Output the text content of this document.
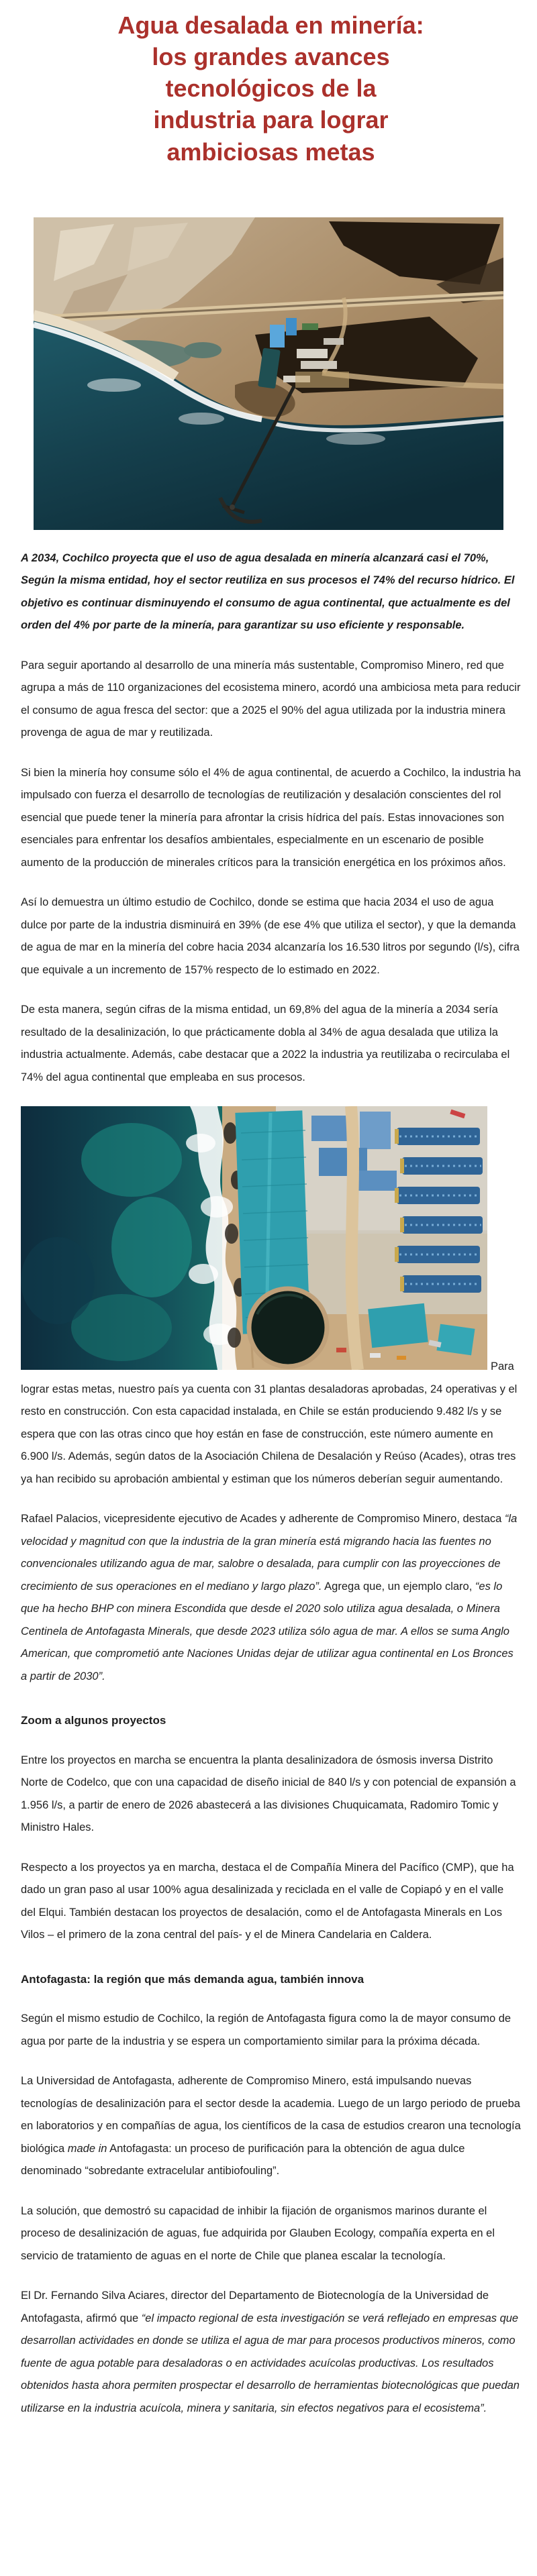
Agua desalada en minería:
los grandes avances
tecnológicos de la
industria para lograr
ambiciosas metas

A 2034, Cochilco proyecta que el uso de agua desalada en minería alcanzará casi el 70%, Según la misma entidad, hoy el sector reutiliza en sus procesos el 74% del recurso hídrico. El objetivo es continuar disminuyendo el consumo de agua continental, que actualmente es del orden del 4% por parte de la minería, para garantizar su uso eficiente y responsable.

Para seguir aportando al desarrollo de una minería más sustentable, Compromiso Minero, red que agrupa a más de 110 organizaciones del ecosistema minero, acordó una ambiciosa meta para reducir el consumo de agua fresca del sector: que a 2025 el 90% del agua utilizada por la industria minera provenga de agua de mar y reutilizada.

Si bien la minería hoy consume sólo el 4% de agua continental, de acuerdo a Cochilco, la industria ha impulsado con fuerza el desarrollo de tecnologías de reutilización y desalación conscientes del rol esencial que puede tener la minería para afrontar la crisis hídrica del país. Estas innovaciones son esenciales para enfrentar los desafíos ambientales, especialmente en un escenario de posible aumento de la producción de minerales críticos para la transición energética en los próximos años.

Así lo demuestra un último estudio de Cochilco, donde se estima que hacia 2034 el uso de agua dulce por parte de la industria disminuirá en 39% (de ese 4% que utiliza el sector), y que la demanda de agua de mar en la minería del cobre hacia 2034 alcanzaría los 16.530 litros por segundo (l/s), cifra que equivale a un incremento de 157% respecto de lo estimado en 2022.

De esta manera, según cifras de la misma entidad, un 69,8% del agua de la minería a 2034 sería resultado de la desalinización, lo que prácticamente dobla al 34% de agua desalada que utiliza la industria actualmente. Además, cabe destacar que a 2022 la industria ya reutilizaba o recirculaba el 74% del agua continental que empleaba en sus procesos.

Para lograr estas metas, nuestro país ya cuenta con 31 plantas desaladoras aprobadas, 24 operativas y el resto en construcción. Con esta capacidad instalada, en Chile se están produciendo 9.482 l/s y se espera que con las otras cinco que hoy están en fase de construcción, este número aumente en 6.900 l/s. Además, según datos de la Asociación Chilena de Desalación y Reúso (Acades), otras tres ya han recibido su aprobación ambiental y estiman que los números deberían seguir aumentando.

Rafael Palacios, vicepresidente ejecutivo de Acades y adherente de Compromiso Minero, destaca “la velocidad y magnitud con que la industria de la gran minería está migrando hacia las fuentes no convencionales utilizando agua de mar, salobre o desalada, para cumplir con las proyecciones de crecimiento de sus operaciones en el mediano y largo plazo”. Agrega que, un ejemplo claro, “es lo que ha hecho BHP con minera Escondida que desde el 2020 solo utiliza agua desalada, o Minera Centinela de Antofagasta Minerals, que desde 2023 utiliza sólo agua de mar. A ellos se suma Anglo American, que comprometió ante Naciones Unidas dejar de utilizar agua continental en Los Bronces a partir de 2030”.

Zoom a algunos proyectos

Entre los proyectos en marcha se encuentra la planta desalinizadora de ósmosis inversa Distrito Norte de Codelco, que con una capacidad de diseño inicial de 840 l/s y con potencial de expansión a 1.956 l/s, a partir de enero de 2026 abastecerá a las divisiones Chuquicamata, Radomiro Tomic y Ministro Hales.

Respecto a los proyectos ya en marcha, destaca el de Compañía Minera del Pacífico (CMP), que ha dado un gran paso al usar 100% agua desalinizada y reciclada en el valle de Copiapó y en el valle del Elqui. También destacan los proyectos de desalación, como el de Antofagasta Minerals en Los Vilos – el primero de la zona central del país- y el de Minera Candelaria en Caldera.

Antofagasta: la región que más demanda agua, también innova

Según el mismo estudio de Cochilco, la región de Antofagasta figura como la de mayor consumo de agua por parte de la industria y se espera un comportamiento similar para la próxima década.

La Universidad de Antofagasta, adherente de Compromiso Minero, está impulsando nuevas tecnologías de desalinización para el sector desde la academia. Luego de un largo periodo de prueba en laboratorios y en compañías de agua, los científicos de la casa de estudios crearon una tecnología biológica made in Antofagasta: un proceso de purificación para la obtención de agua dulce denominado “sobredante extracelular antibiofouling”.

La solución, que demostró su capacidad de inhibir la fijación de organismos marinos durante el proceso de desalinización de aguas, fue adquirida por Glauben Ecology, compañía experta en el servicio de tratamiento de aguas en el norte de Chile que planea escalar la tecnología.

El Dr. Fernando Silva Aciares, director del Departamento de Biotecnología de la Universidad de Antofagasta, afirmó que “el impacto regional de esta investigación se verá reflejado en empresas que desarrollan actividades en donde se utiliza el agua de mar para procesos productivos mineros, como fuente de agua potable para desaladoras o en actividades acuícolas productivas. Los resultados obtenidos hasta ahora permiten prospectar el desarrollo de herramientas biotecnológicas que puedan utilizarse en la industria acuícola, minera y sanitaria, sin efectos negativos para el ecosistema”.
